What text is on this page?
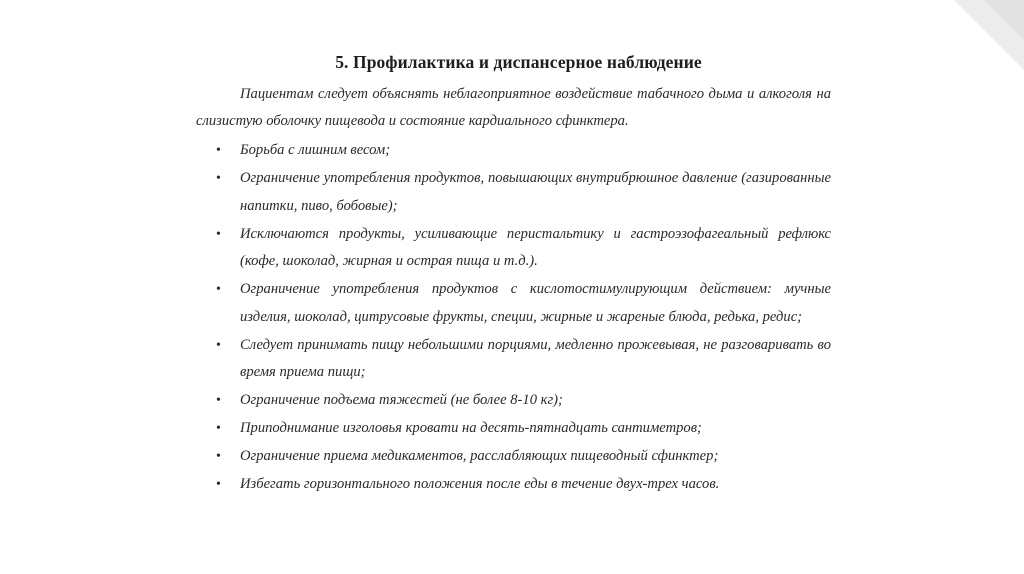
5. Профилактика и диспансерное наблюдение

Пациентам следует объяснять неблагоприятное воздействие табачного дыма и алкоголя на слизистую оболочку пищевода и состояние кардиального сфинктера.

• Борьба с лишним весом;
• Ограничение употребления продуктов, повышающих внутрибрюшное давление (газированные напитки, пиво, бобовые);
• Исключаются продукты, усиливающие перистальтику и гастроэзофагеальный рефлюкс (кофе, шоколад, жирная и острая пища и т.д.).
• Ограничение употребления продуктов с кислотостимулирующим действием: мучные изделия, шоколад, цитрусовые фрукты, специи, жирные и жареные блюда, редька, редис;
• Следует принимать пищу небольшими порциями, медленно прожевывая, не разговаривать во время приема пищи;
• Ограничение подъема тяжестей (не более 8-10 кг);
• Приподнимание изголовья кровати на десять-пятнадцать сантиметров;
• Ограничение приема медикаментов, расслабляющих пищеводный сфинктер;
• Избегать горизонтального положения после еды в течение двух-трех часов.
